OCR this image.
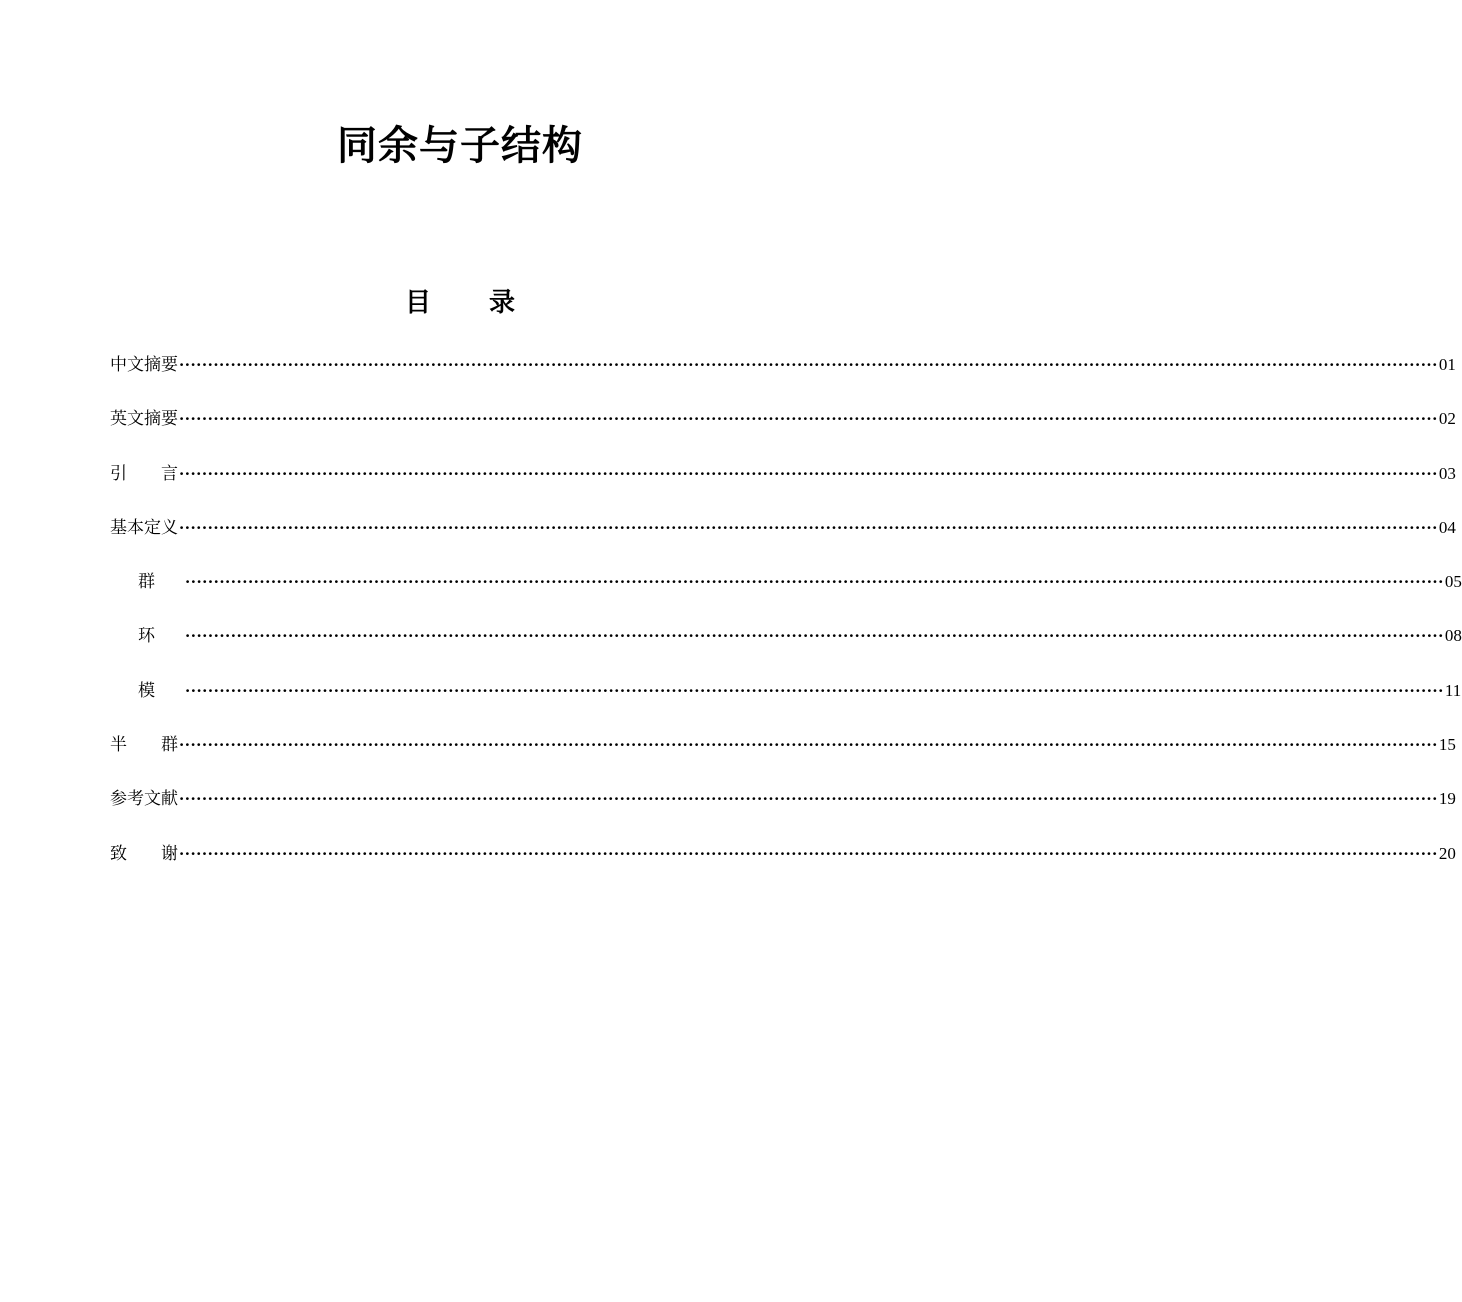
同余与子结构
目 录
中文摘要 ···························································································································································································································· 01
英文摘要 ···························································································································································································································· 02
引　　言 ···························································································································································································································· 03
基本定义 ···························································································································································································································· 04
群	···························································································································································································································· 05
环	···························································································································································································································· 08
模	···························································································································································································································· 11
半　　群 ···························································································································································································································· 15
参考文献 ···························································································································································································································· 19
致　　谢 ···························································································································································································································· 20
